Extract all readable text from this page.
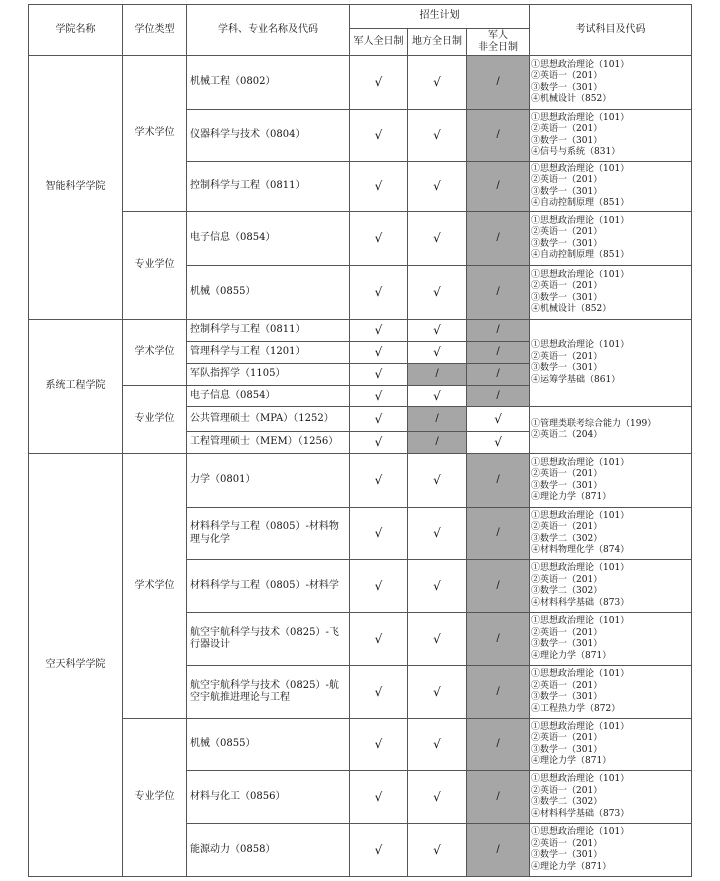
学院名称	学位类型	学科、专业名称及代码	招生计划			考试科目及代码
			军人全日制	地方全日制	军人
非全日制	

智能科学学院	学术学位	机械工程（0802）	√	√	/	①思想政治理论（101）
②英语一（201）
③数学一（301）
④机械设计（852）

		仪器科学与技术（0804）	√	√	/	①思想政治理论（101）
②英语一（201）
③数学一（301）
④信号与系统（831）

		控制科学与工程（0811）	√	√	/	①思想政治理论（101）
②英语一（201）
③数学一（301）
④自动控制原理（851）

	专业学位	电子信息（0854）	√	√	/	①思想政治理论（101）
②英语一（201）
③数学一（301）
④自动控制原理（851）

		机械（0855）	√	√	/	①思想政治理论（101）
②英语一（201）
③数学一（301）
④机械设计（852）

系统工程学院	学术学位	控制科学与工程（0811）	√	√	/	①思想政治理论（101）
②英语一（201）
③数学一（301）
④运筹学基础（861）

		管理科学与工程（1201）	√	√	/	
		军队指挥学（1105）	√	/	/	
	专业学位	电子信息（0854）	√	√	/	
		公共管理硕士（MPA）（1252）	√	/	√	①管理类联考综合能力（199）
②英语二（204）

		工程管理硕士（MEM）（1256）	√	/	√	
空天科学学院	学术学位	力学（0801）	√	√	/	①思想政治理论（101）
②英语一（201）
③数学一（301）
④理论力学（871）

		材料科学与工程（0805）-材料物理与化学	√	√	/	①思想政治理论（101）
②英语一（201）
③数学二（302）
④材料物理化学（874）

		材料科学与工程（0805）-材料学	√	√	/	①思想政治理论（101）
②英语一（201）
③数学二（302）
④材料科学基础（873）

		航空宇航科学与技术（0825）-飞行器设计	√	√	/	①思想政治理论（101）
②英语一（201）
③数学一（301）
④理论力学（871）

		航空宇航科学与技术（0825）-航空宇航推进理论与工程	√	√	/	①思想政治理论（101）
②英语一（201）
③数学一（301）
④工程热力学（872）

	专业学位	机械（0855）	√	√	/	①思想政治理论（101）
②英语一（201）
③数学一（301）
④理论力学（871）

		材料与化工（0856）	√	√	/	①思想政治理论（101）
②英语一（201）
③数学二（302）
④材料科学基础（873）

		能源动力（0858）	√	√	/	①思想政治理论（101）
②英语一（201）
③数学一（301）
④理论力学（871）
